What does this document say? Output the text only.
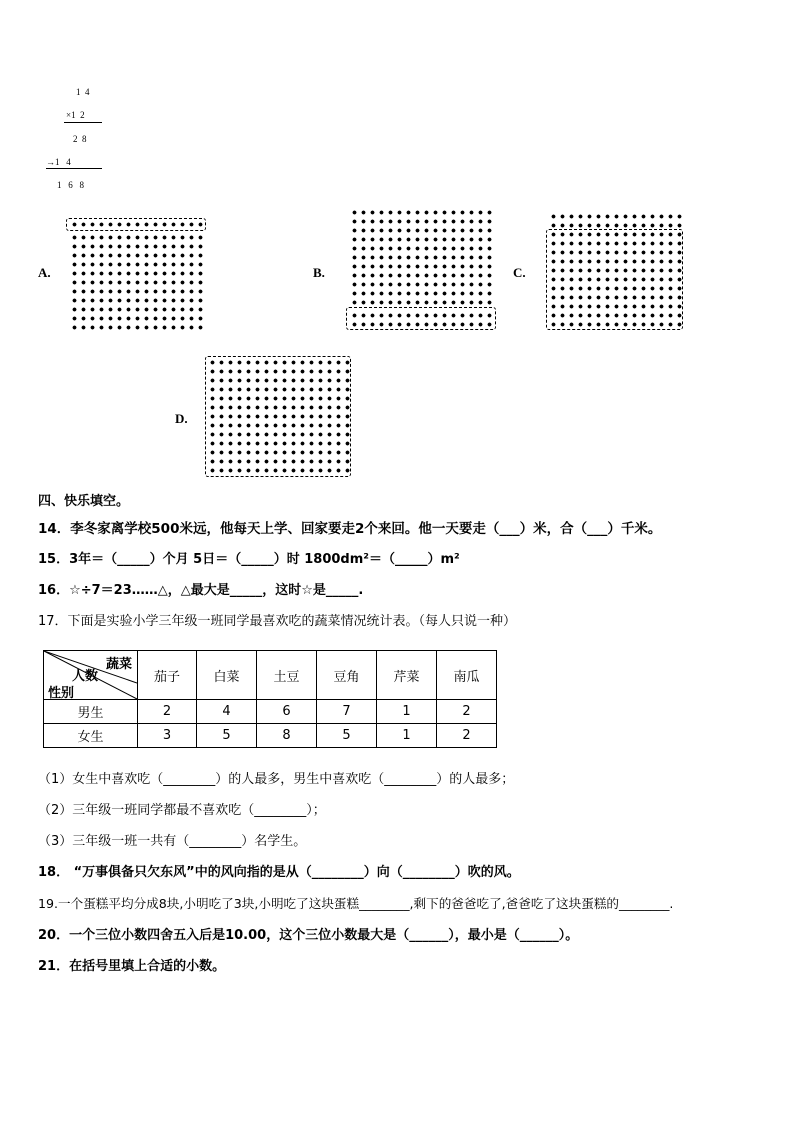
1  4
×1  2
2  8
→1   4
1   6   8
A.	B.	C.
D.
四、快乐填空。
14．李冬家离学校500米远，他每天上学、回家要走2个来回。他一天要走（___）米，合（___）千米。
15．3年＝（_____）个月 5日＝（_____）时 1800dm²＝（_____）m²
16．☆÷7＝23……△，△最大是_____，这时☆是_____.
17．下面是实验小学三年级一班同学最喜欢吃的蔬菜情况统计表。（每人只说一种）
蔬菜
人数
性别	茄子	白菜	土豆	豆角	芹菜	南瓜
男生	2	4	6	7	1	2
女生	3	5	8	5	1	2
（1）女生中喜欢吃（________）的人最多，男生中喜欢吃（________）的人最多；
（2）三年级一班同学都最不喜欢吃（________）；
（3）三年级一班一共有（________）名学生。
18． “万事俱备只欠东风”中的风向指的是从（________）向（________）吹的风。
19.一个蛋糕平均分成8块,小明吃了3块,小明吃了这块蛋糕________,剩下的爸爸吃了,爸爸吃了这块蛋糕的________.
20．一个三位小数四舍五入后是10.00，这个三位小数最大是（______），最小是（______）。
21．在括号里填上合适的小数。
